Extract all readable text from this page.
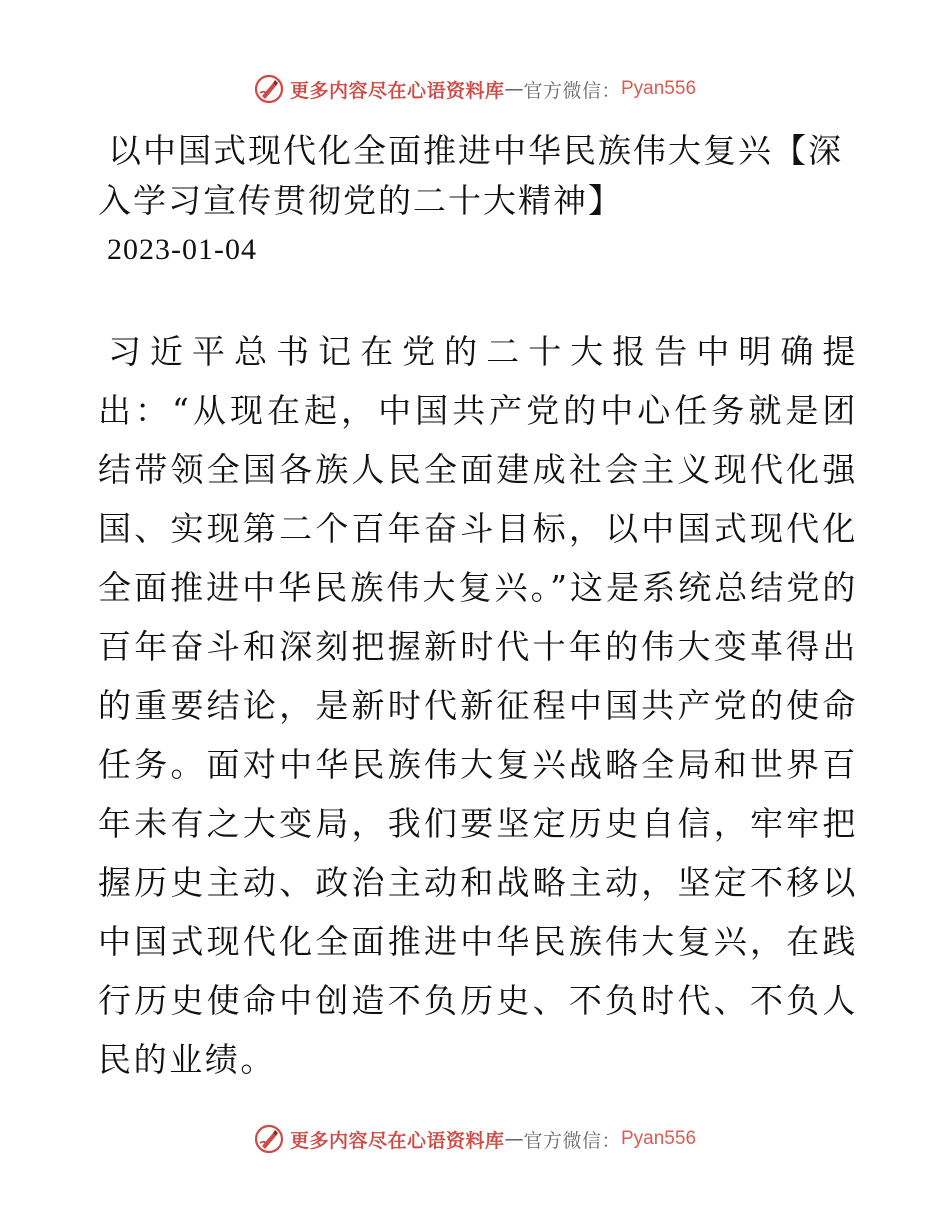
更多内容尽在心语资料库 — 官方微信： Pyan556
以中国式现代化全面推进中华民族伟大复兴【深入学习宣传贯彻党的二十大精神】
2023-01-04

习近平总书记在党的二十大报告中明确提出：“从现在起，中国共产党的中心任务就是团结带领全国各族人民全面建成社会主义现代化强国、实现第二个百年奋斗目标，以中国式现代化全面推进中华民族伟大复兴。”这是系统总结党的百年奋斗和深刻把握新时代十年的伟大变革得出的重要结论，是新时代新征程中国共产党的使命任务。面对中华民族伟大复兴战略全局和世界百年未有之大变局，我们要坚定历史自信，牢牢把握历史主动、政治主动和战略主动，坚定不移以中国式现代化全面推进中华民族伟大复兴，在践行历史使命中创造不负历史、不负时代、不负人民的业绩。

更多内容尽在心语资料库 — 官方微信： Pyan556
